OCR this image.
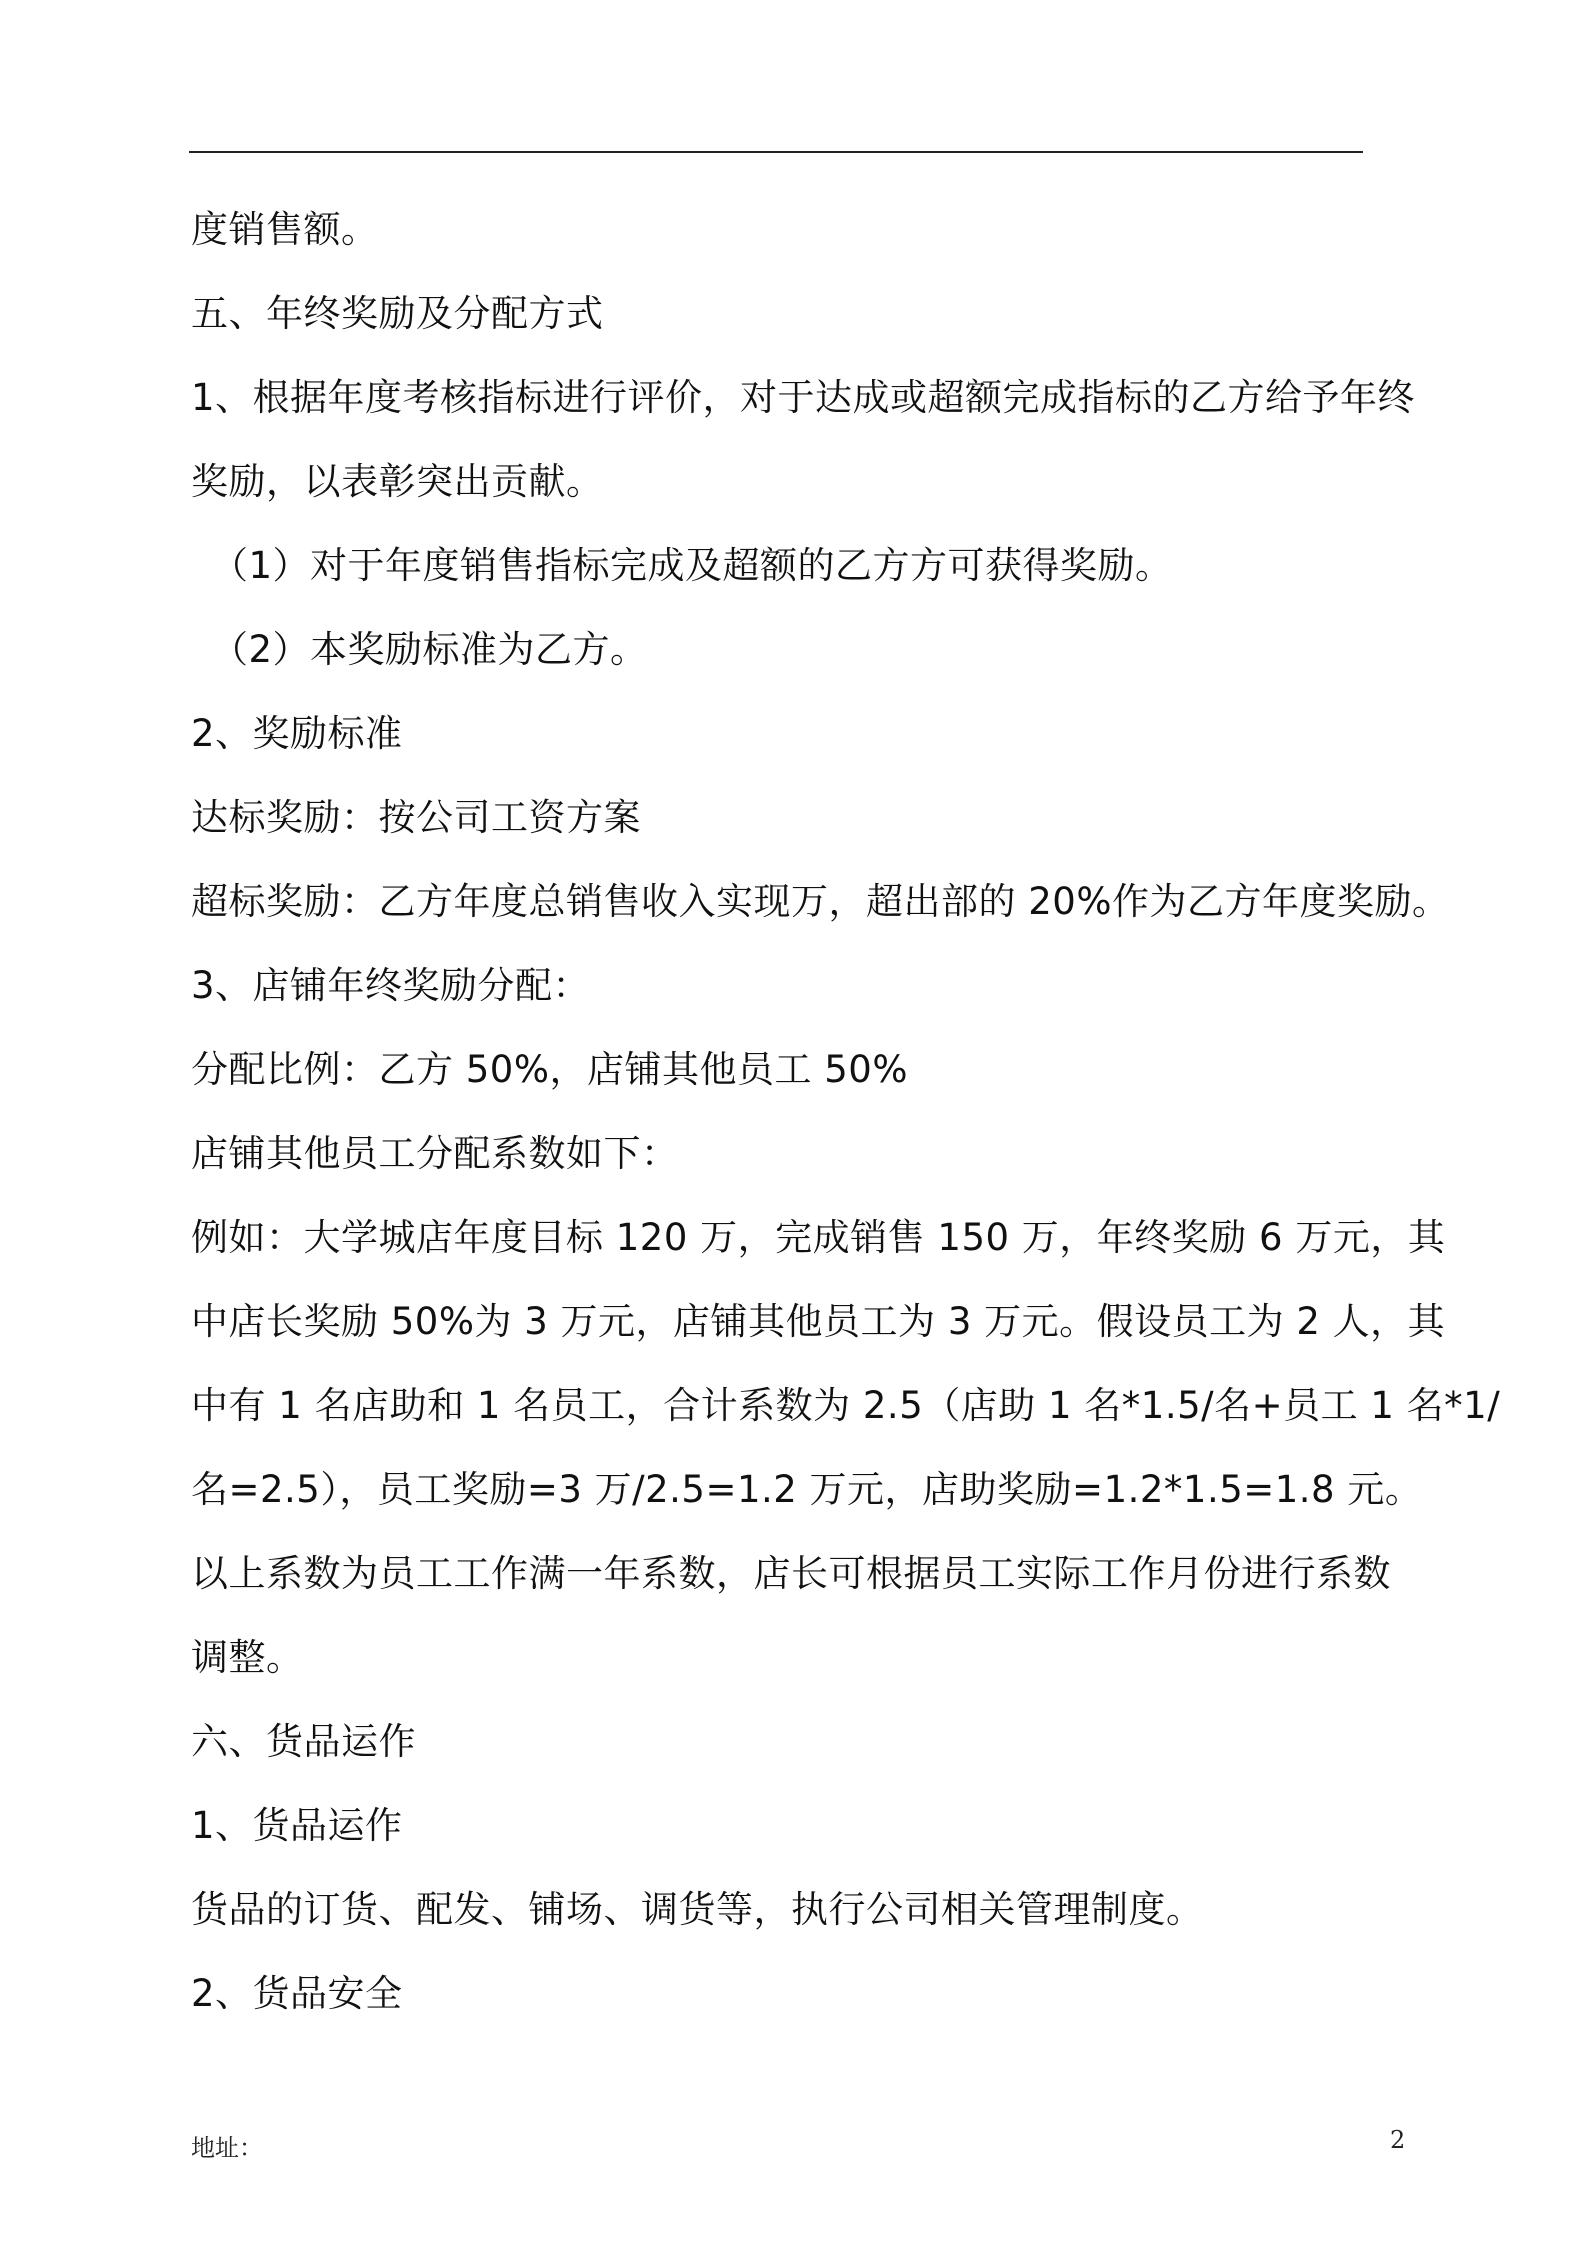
度销售额。
五、年终奖励及分配方式
1、根据年度考核指标进行评价，对于达成或超额完成指标的乙方给予年终
奖励，以表彰突出贡献。
（1）对于年度销售指标完成及超额的乙方方可获得奖励。
（2）本奖励标准为乙方。
2、奖励标准
达标奖励：按公司工资方案
超标奖励：乙方年度总销售收入实现万，超出部的 20%作为乙方年度奖励。
3、店铺年终奖励分配：
分配比例：乙方 50%，店铺其他员工 50%
店铺其他员工分配系数如下：
例如：大学城店年度目标 120 万，完成销售 150 万，年终奖励 6 万元，其
中店长奖励 50%为 3 万元，店铺其他员工为 3 万元。假设员工为 2 人，其
中有 1 名店助和 1 名员工，合计系数为 2.5（店助 1 名*1.5/名+员工 1 名*1/
名=2.5），员工奖励=3 万/2.5=1.2 万元，店助奖励=1.2*1.5=1.8 元。
以上系数为员工工作满一年系数，店长可根据员工实际工作月份进行系数
调整。
六、货品运作
1、货品运作
货品的订货、配发、铺场、调货等，执行公司相关管理制度。
2、货品安全
地址：	2
